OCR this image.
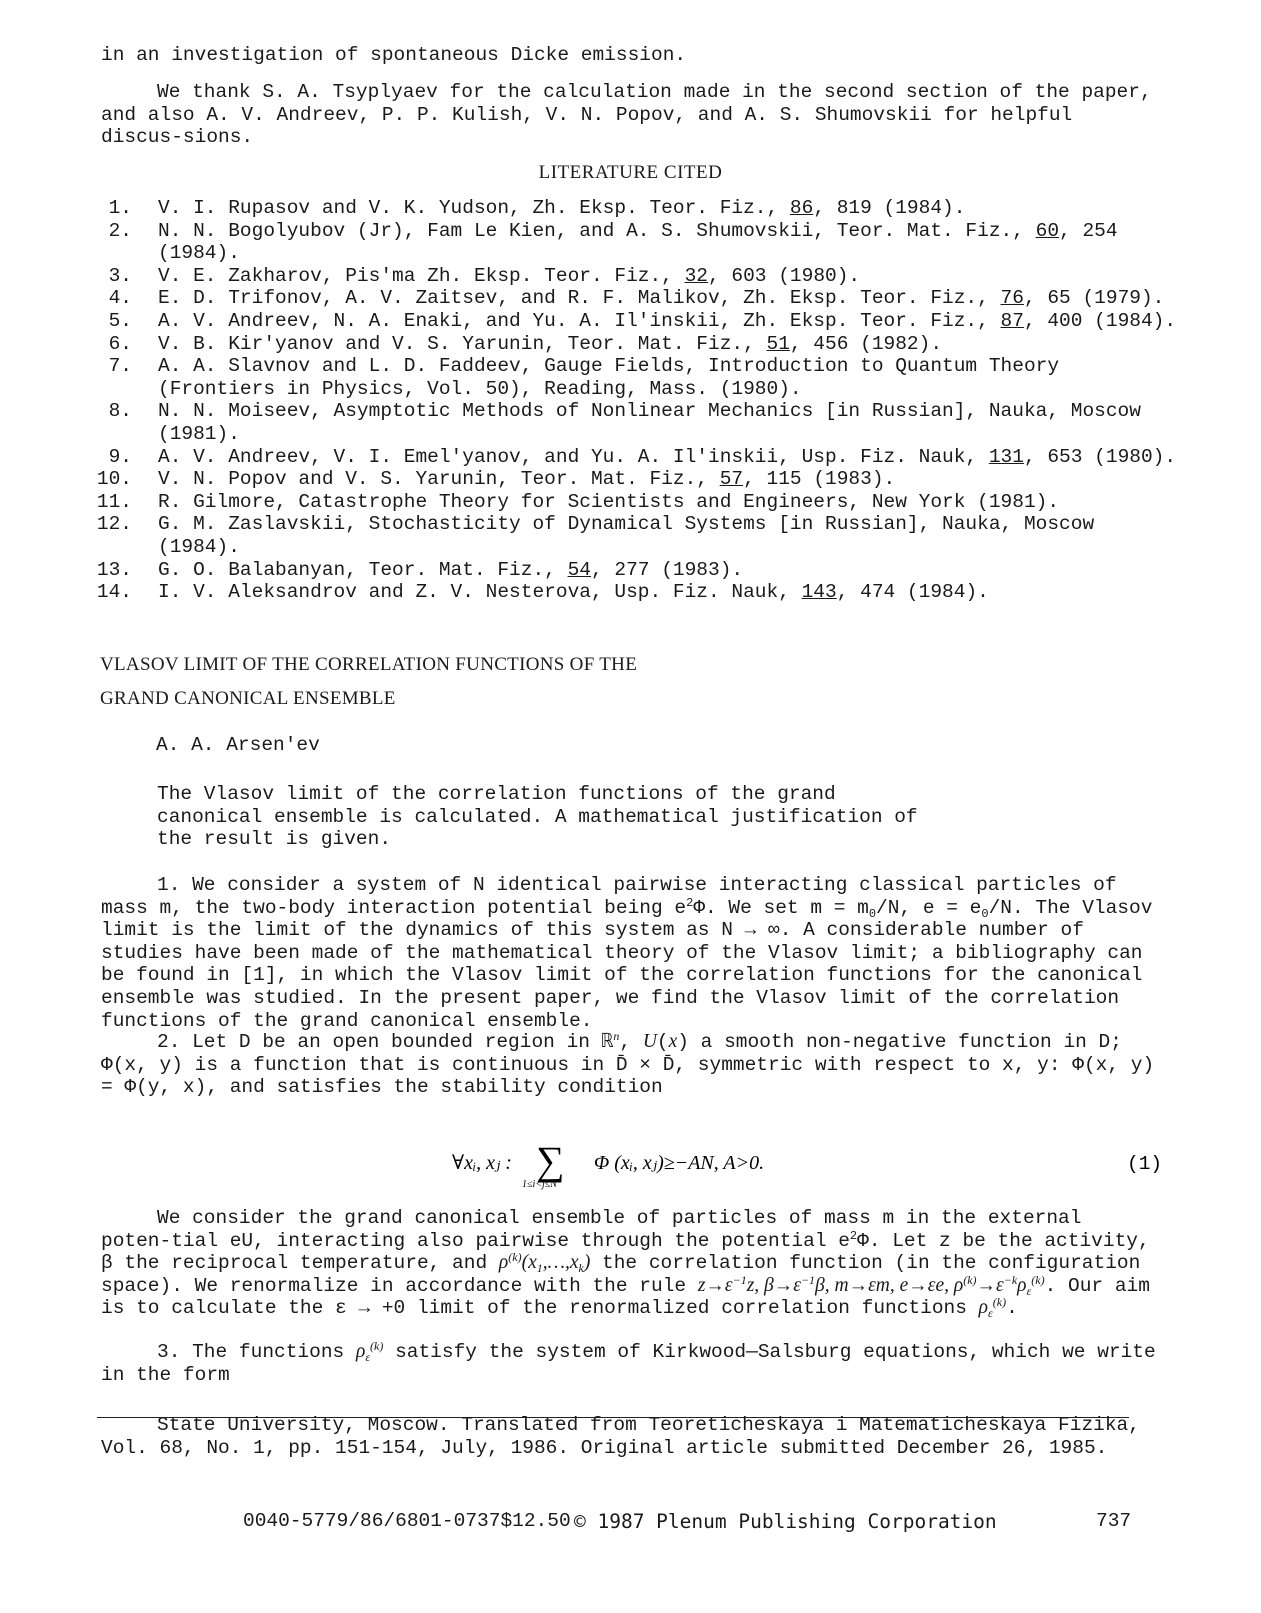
in an investigation of spontaneous Dicke emission.

We thank S. A. Tsyplyaev for the calculation made in the second section of the paper, and also A. V. Andreev, P. P. Kulish, V. N. Popov, and A. S. Shumovskii for helpful discus-sions.

LITERATURE CITED
1. V. I. Rupasov and V. K. Yudson, Zh. Eksp. Teor. Fiz., 86, 819 (1984).
2. N. N. Bogolyubov (Jr), Fam Le Kien, and A. S. Shumovskii, Teor. Mat. Fiz., 60, 254 (1984).
3. V. E. Zakharov, Pis'ma Zh. Eksp. Teor. Fiz., 32, 603 (1980).
4. E. D. Trifonov, A. V. Zaitsev, and R. F. Malikov, Zh. Eksp. Teor. Fiz., 76, 65 (1979).
5. A. V. Andreev, N. A. Enaki, and Yu. A. Il'inskii, Zh. Eksp. Teor. Fiz., 87, 400 (1984).
6. V. B. Kir'yanov and V. S. Yarunin, Teor. Mat. Fiz., 51, 456 (1982).
7. A. A. Slavnov and L. D. Faddeev, Gauge Fields, Introduction to Quantum Theory (Frontiers in Physics, Vol. 50), Reading, Mass. (1980).
8. N. N. Moiseev, Asymptotic Methods of Nonlinear Mechanics [in Russian], Nauka, Moscow (1981).
9. A. V. Andreev, V. I. Emel'yanov, and Yu. A. Il'inskii, Usp. Fiz. Nauk, 131, 653 (1980).
10. V. N. Popov and V. S. Yarunin, Teor. Mat. Fiz., 57, 115 (1983).
11. R. Gilmore, Catastrophe Theory for Scientists and Engineers, New York (1981).
12. G. M. Zaslavskii, Stochasticity of Dynamical Systems [in Russian], Nauka, Moscow (1984).
13. G. O. Balabanyan, Teor. Mat. Fiz., 54, 277 (1983).
14. I. V. Aleksandrov and Z. V. Nesterova, Usp. Fiz. Nauk, 143, 474 (1984).
VLASOV LIMIT OF THE CORRELATION FUNCTIONS OF THE
GRAND CANONICAL ENSEMBLE
A. A. Arsen'ev
The Vlasov limit of the correlation functions of the grand canonical ensemble is calculated. A mathematical justification of the result is given.

1. We consider a system of N identical pairwise interacting classical particles of mass m, the two-body interaction potential being $e^2\Phi$. We set $m = m_0/N$, $e = e_0/N$. The Vlasov limit is the limit of the dynamics of this system as N → ∞. A considerable number of studies have been made of the mathematical theory of the Vlasov limit; a bibliography can be found in [1], in which the Vlasov limit of the correlation functions for the canonical ensemble was studied. In the present paper, we find the Vlasov limit of the correlation functions of the grand canonical ensemble.

2. Let D be an open bounded region in ℝ$^n$, U(x) a smooth non-negative function in D; Φ(x, y) is a function that is continuous in D̄ × D̄, symmetric with respect to x, y: Φ(x, y) = Φ(y, x), and satisfies the stability condition

∀xᵢ, xⱼ : ∑
1≤i<j≤N
Φ (xᵢ, xⱼ)≥−AN, A>0.	(1)

We consider the grand canonical ensemble of particles of mass m in the external poten-tial eU, interacting also pairwise through the potential $e^2\Phi$. Let z be the activity, β the reciprocal temperature, and $\rho^{(k)}(x_1,\dots,x_k)$ the correlation function (in the configuration space). We renormalize in accordance with the rule $z\to\varepsilon^{-1}z$, $\beta\to\varepsilon^{-1}\beta$, m→εm, e→εe, $\rho^{(k)}\to\varepsilon^{-k}\rho_\varepsilon^{(k)}$. Our aim is to calculate the ε → +0 limit of the renormalized correlation functions $\rho_\varepsilon^{(k)}$.

3. The functions $\rho_\varepsilon^{(k)}$ satisfy the system of Kirkwood—Salsburg equations, which we write in the form

State University, Moscow. Translated from Teoreticheskaya i Matematicheskaya Fizika, Vol. 68, No. 1, pp. 151-154, July, 1986. Original article submitted December 26, 1985.

0040-5779/86/6801-0737$12.50 © 1987 Plenum Publishing Corporation	737
